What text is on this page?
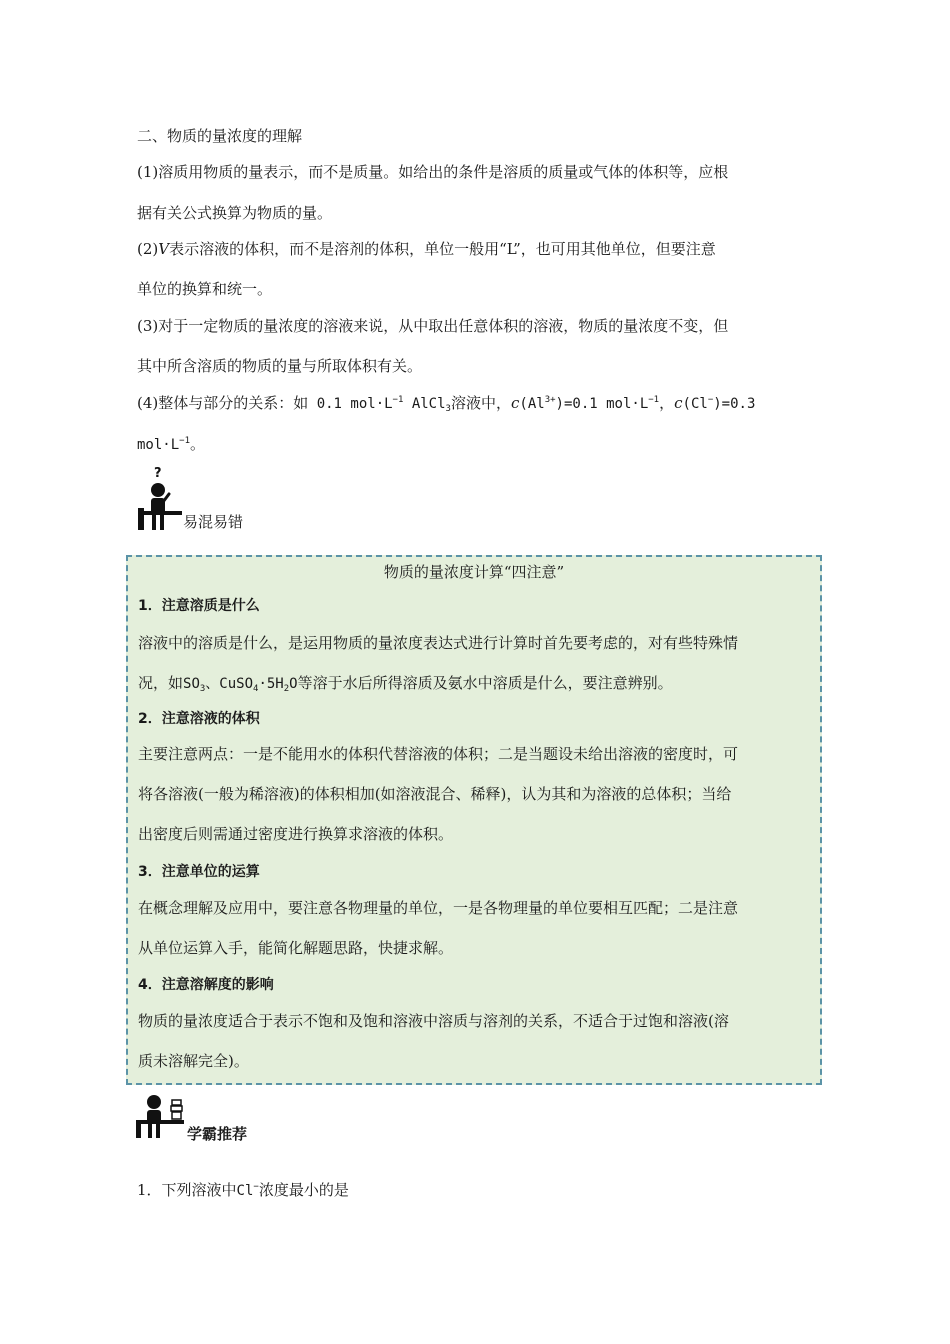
二、物质的量浓度的理解
(1)溶质用物质的量表示，而不是质量。如给出的条件是溶质的质量或气体的体积等，应根
据有关公式换算为物质的量。
(2)V表示溶液的体积，而不是溶剂的体积，单位一般用“L”，也可用其他单位，但要注意
单位的换算和统一。
(3)对于一定物质的量浓度的溶液来说，从中取出任意体积的溶液，物质的量浓度不变，但
其中所含溶质的物质的量与所取体积有关。
(4)整体与部分的关系：如 0.1 $mol\cdot L^{-1}$ AlCl$_3$溶液中，$c(Al^{3+})=0.1$ $mol\cdot L^{-1}$，c(Cl−)=0.3
$mol\cdot L^{-1}$。
?
易混易错
物质的量浓度计算“四注意”
1．注意溶质是什么
溶液中的溶质是什么，是运用物质的量浓度表达式进行计算时首先要考虑的，对有些特殊情
况，如$SO_3$、$CuSO_4\cdot 5H_2O$等溶于水后所得溶质及氨水中溶质是什么，要注意辨别。
2．注意溶液的体积
主要注意两点：一是不能用水的体积代替溶液的体积；二是当题设未给出溶液的密度时，可
将各溶液(一般为稀溶液)的体积相加(如溶液混合、稀释)，认为其和为溶液的总体积；当给
出密度后则需通过密度进行换算求溶液的体积。
3．注意单位的运算
在概念理解及应用中，要注意各物理量的单位，一是各物理量的单位要相互匹配；二是注意
从单位运算入手，能简化解题思路，快捷求解。
4．注意溶解度的影响
物质的量浓度适合于表示不饱和及饱和溶液中溶质与溶剂的关系，不适合于过饱和溶液(溶
质未溶解完全)。
学霸推荐
1．下列溶液中Cl−浓度最小的是
